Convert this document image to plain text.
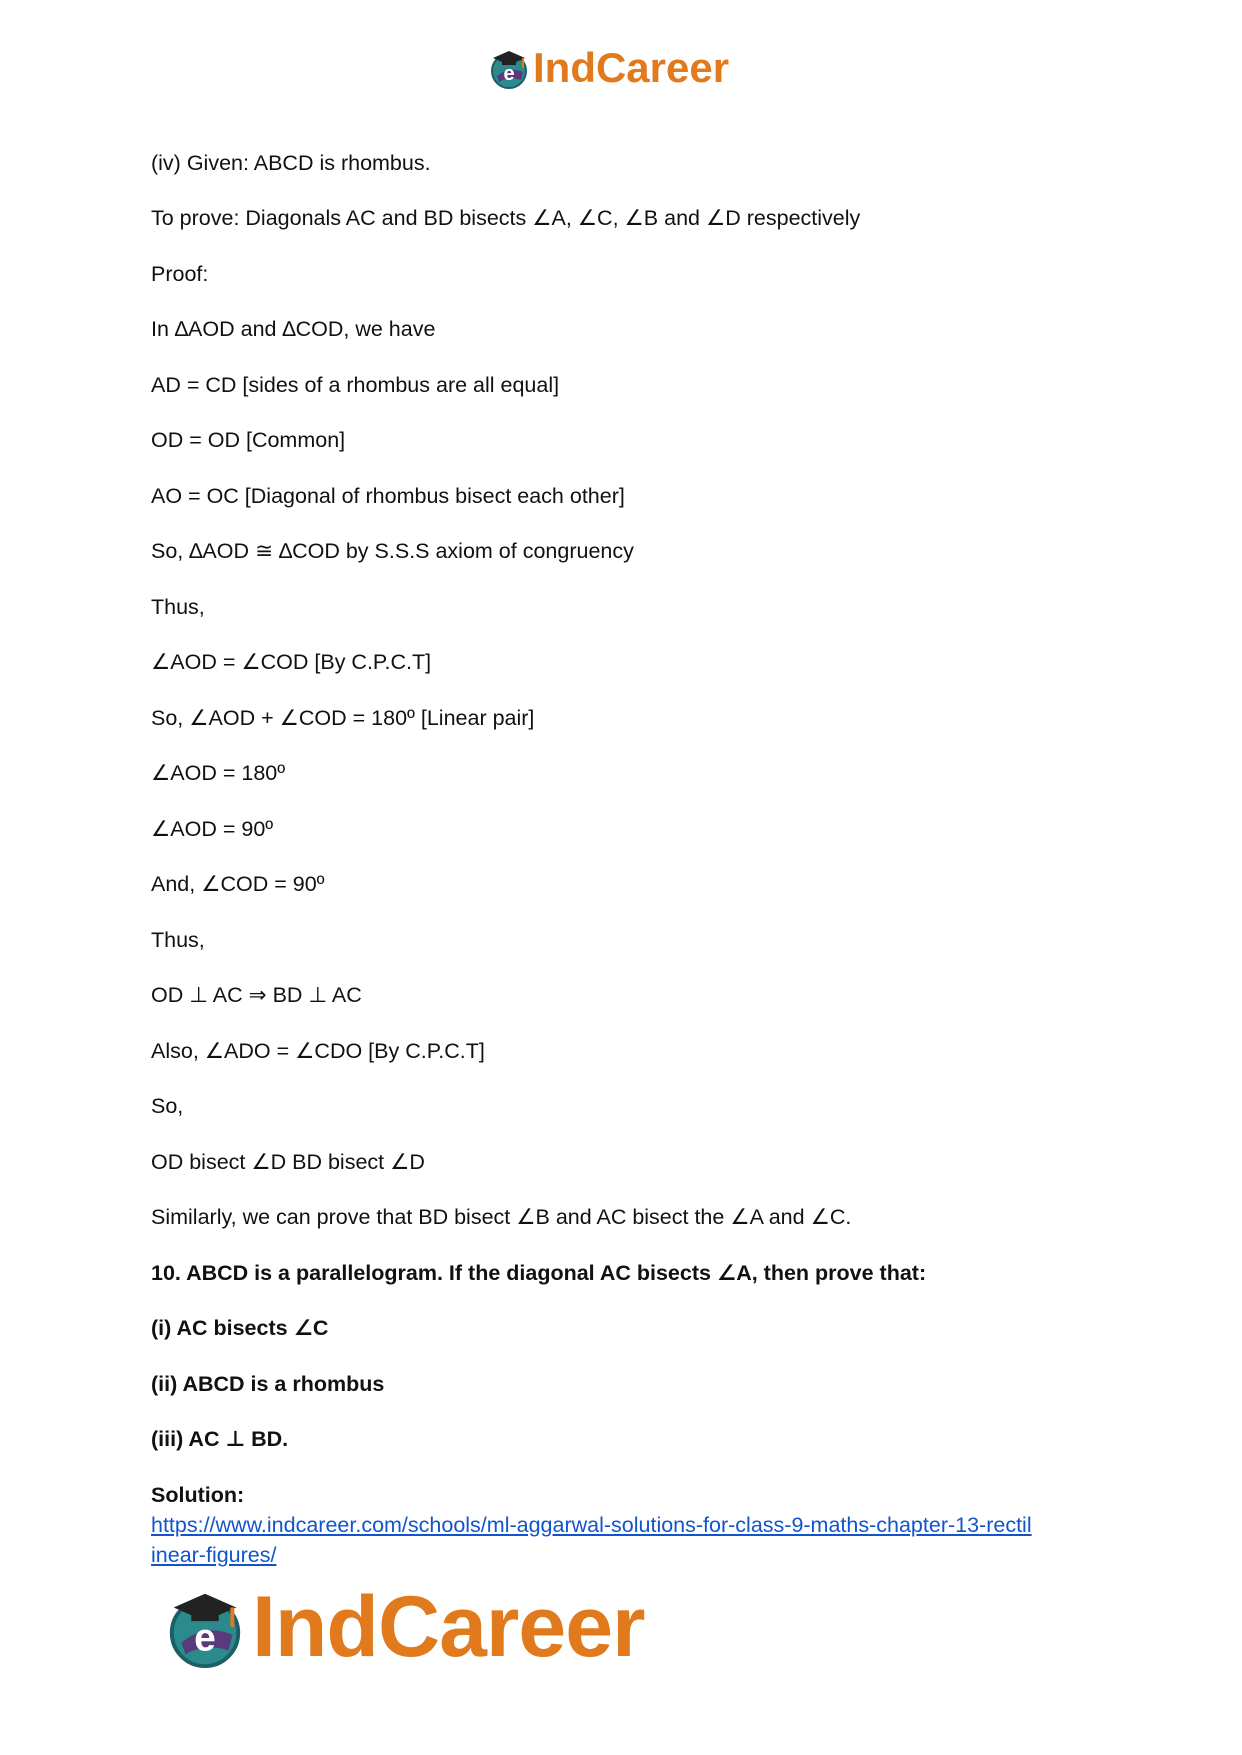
e IndCareer
(iv) Given: ABCD is rhombus.
To prove: Diagonals AC and BD bisects ∠A, ∠C, ∠B and ∠D respectively
Proof:
In ∆AOD and ∆COD, we have
AD = CD [sides of a rhombus are all equal]
OD = OD [Common]
AO = OC [Diagonal of rhombus bisect each other]
So, ∆AOD ≅ ∆COD by S.S.S axiom of congruency
Thus,
∠AOD = ∠COD [By C.P.C.T]
So, ∠AOD + ∠COD = 180º [Linear pair]
∠AOD = 180º
∠AOD = 90º
And, ∠COD = 90º
Thus,
OD ⊥ AC ⇒ BD ⊥ AC
Also, ∠ADO = ∠CDO [By C.P.C.T]
So,
OD bisect ∠D BD bisect ∠D
Similarly, we can prove that BD bisect ∠B and AC bisect the ∠A and ∠C.
10. ABCD is a parallelogram. If the diagonal AC bisects ∠A, then prove that:
(i) AC bisects ∠C
(ii) ABCD is a rhombus
(iii) AC ⊥ BD.
Solution:
https://www.indcareer.com/schools/ml-aggarwal-solutions-for-class-9-maths-chapter-13-rectil
inear-figures/
e IndCareer
